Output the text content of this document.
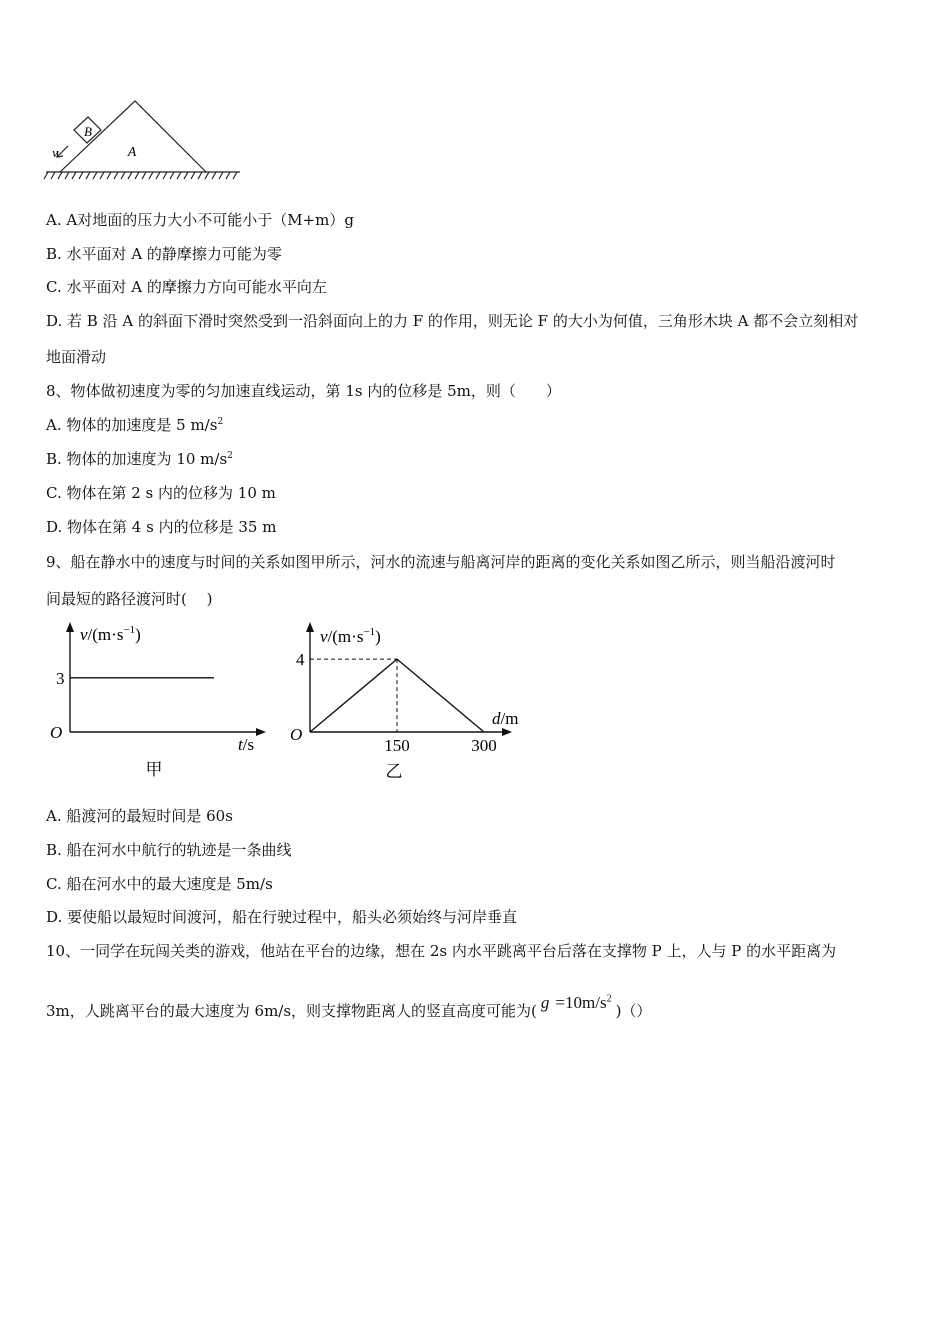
B
A
v
A. A对地面的压力大小不可能小于（M+m）g
B. 水平面对 A 的静摩擦力可能为零
C. 水平面对 A 的摩擦力方向可能水平向左
D. 若 B 沿 A 的斜面下滑时突然受到一沿斜面向上的力 F 的作用，则无论 F 的大小为何值，三角形木块 A 都不会立刻相对
地面滑动
8、物体做初速度为零的匀加速直线运动，第 1s 内的位移是 5m，则（　　）
A. 物体的加速度是 5 $m/s^2$
B. 物体的加速度为 10 $m/s^2$
C. 物体在第 2 s 内的位移为 10 m
D. 物体在第 4 s 内的位移是 35 m
9、船在静水中的速度与时间的关系如图甲所示，河水的流速与船离河岸的距离的变化关系如图乙所示，则当船沿渡河时
间最短的路径渡河时(　 )
$v/(m\cdot s^{-1})$
t/s
O
3
甲
$v/(m\cdot s^{-1})$
d/m
O
4
150	300
乙
A. 船渡河的最短时间是 60s
B. 船在河水中航行的轨迹是一条曲线
C. 船在河水中的最大速度是 5m/s
D. 要使船以最短时间渡河，船在行驶过程中，船头必须始终与河岸垂直
10、一同学在玩闯关类的游戏，他站在平台的边缘，想在 2s 内水平跳离平台后落在支撑物 P 上，人与 P 的水平距离为
3m，人跳离平台的最大速度为 6m/s，则支撑物距离人的竖直高度可能为( $g =10m/s^2)()$
